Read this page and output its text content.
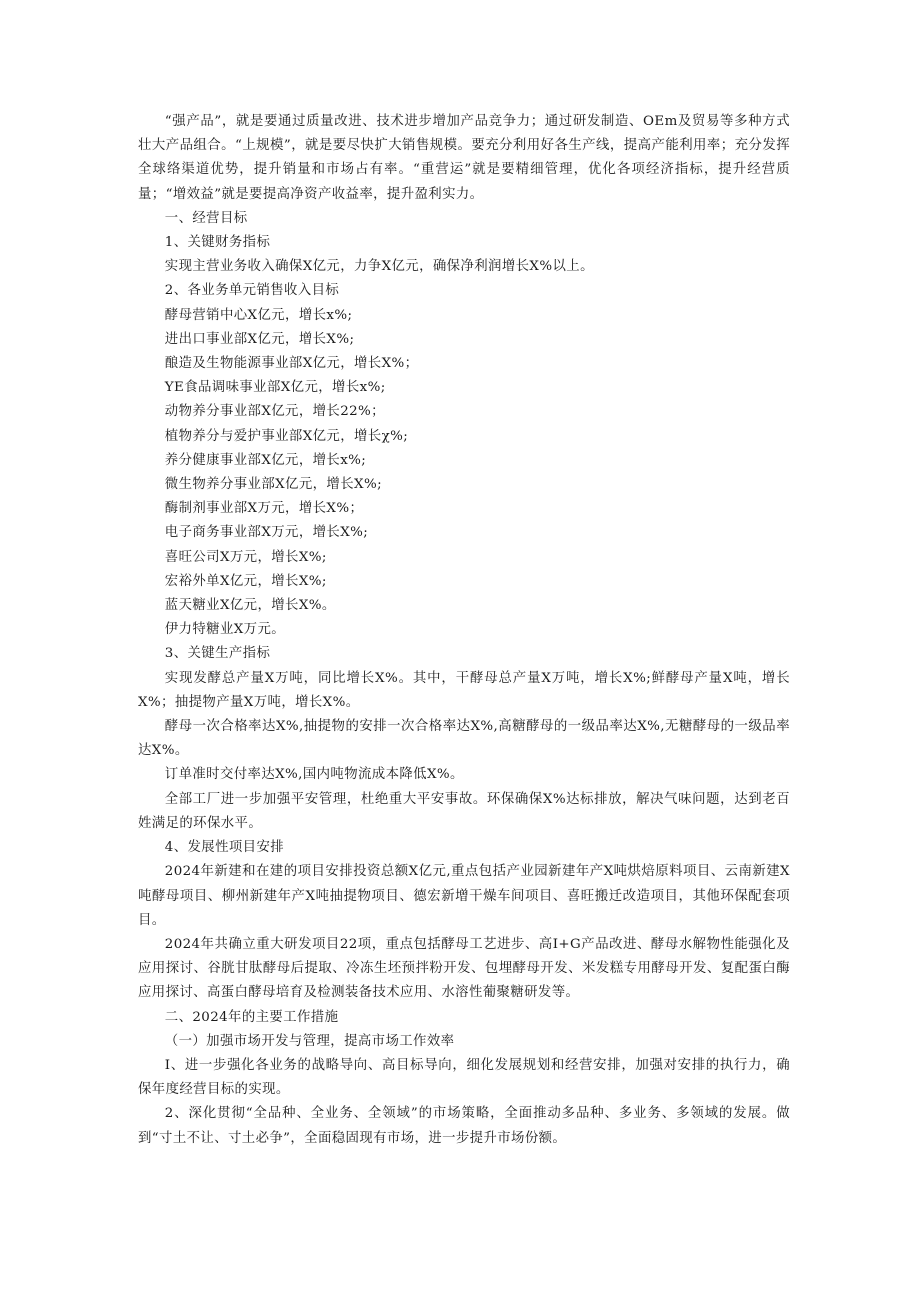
“强产品”，就是要通过质量改进、技术进步增加产品竞争力；通过研发制造、OEm及贸易等多种方式壮大产品组合。“上规模”，就是要尽快扩大销售规模。要充分利用好各生产线，提高产能利用率；充分发挥全球络渠道优势，提升销量和市场占有率。“重营运”就是要精细管理，优化各项经济指标，提升经营质量；“增效益”就是要提高净资产收益率，提升盈利实力。

一、经营目标

1、关键财务指标

实现主营业务收入确保X亿元，力争X亿元，确保净利润增长X%以上。

2、各业务单元销售收入目标

酵母营销中心X亿元，增长x%;

进出口事业部X亿元，增长X%;

酿造及生物能源事业部X亿元，增长X%；

YE食品调味事业部X亿元，增长x%;

动物养分事业部X亿元，增长22%；

植物养分与爱护事业部X亿元，增长χ%;

养分健康事业部X亿元，增长x%;

微生物养分事业部X亿元，增长X%;

酶制剂事业部X万元，增长X%；

电子商务事业部X万元，增长X%;

喜旺公司X万元，增长X%;

宏裕外单X亿元，增长X%;

蓝天糖业X亿元，增长X%。

伊力特糖业X万元。

3、关键生产指标

实现发酵总产量X万吨，同比增长X%。其中，干酵母总产量X万吨，增长X%;鲜酵母产量X吨，增长X%；抽提物产量X万吨，增长X%。

酵母一次合格率达X%,抽提物的安排一次合格率达X%,高糖酵母的一级品率达X%,无糖酵母的一级品率达X%。

订单准时交付率达X%,国内吨物流成本降低X%。

全部工厂进一步加强平安管理，杜绝重大平安事故。环保确保X%达标排放，解决气味问题，达到老百姓满足的环保水平。

4、发展性项目安排

2024年新建和在建的项目安排投资总额X亿元,重点包括产业园新建年产X吨烘焙原料项目、云南新建X吨酵母项目、柳州新建年产X吨抽提物项目、德宏新增干燥车间项目、喜旺搬迁改造项目，其他环保配套项目。

2024年共确立重大研发项目22项，重点包括酵母工艺进步、高I+G产品改进、酵母水解物性能强化及应用探讨、谷胱甘肽酵母后提取、冷冻生坯预拌粉开发、包埋酵母开发、米发糕专用酵母开发、复配蛋白酶应用探讨、高蛋白酵母培育及检测装备技术应用、水溶性葡聚糖研发等。

二、2024年的主要工作措施

（一）加强市场开发与管理，提高市场工作效率

I、进一步强化各业务的战略导向、高目标导向，细化发展规划和经营安排，加强对安排的执行力，确保年度经营目标的实现。

2、深化贯彻“全品种、全业务、全领域”的市场策略，全面推动多品种、多业务、多领域的发展。做到“寸土不让、寸土必争”，全面稳固现有市场，进一步提升市场份额。
